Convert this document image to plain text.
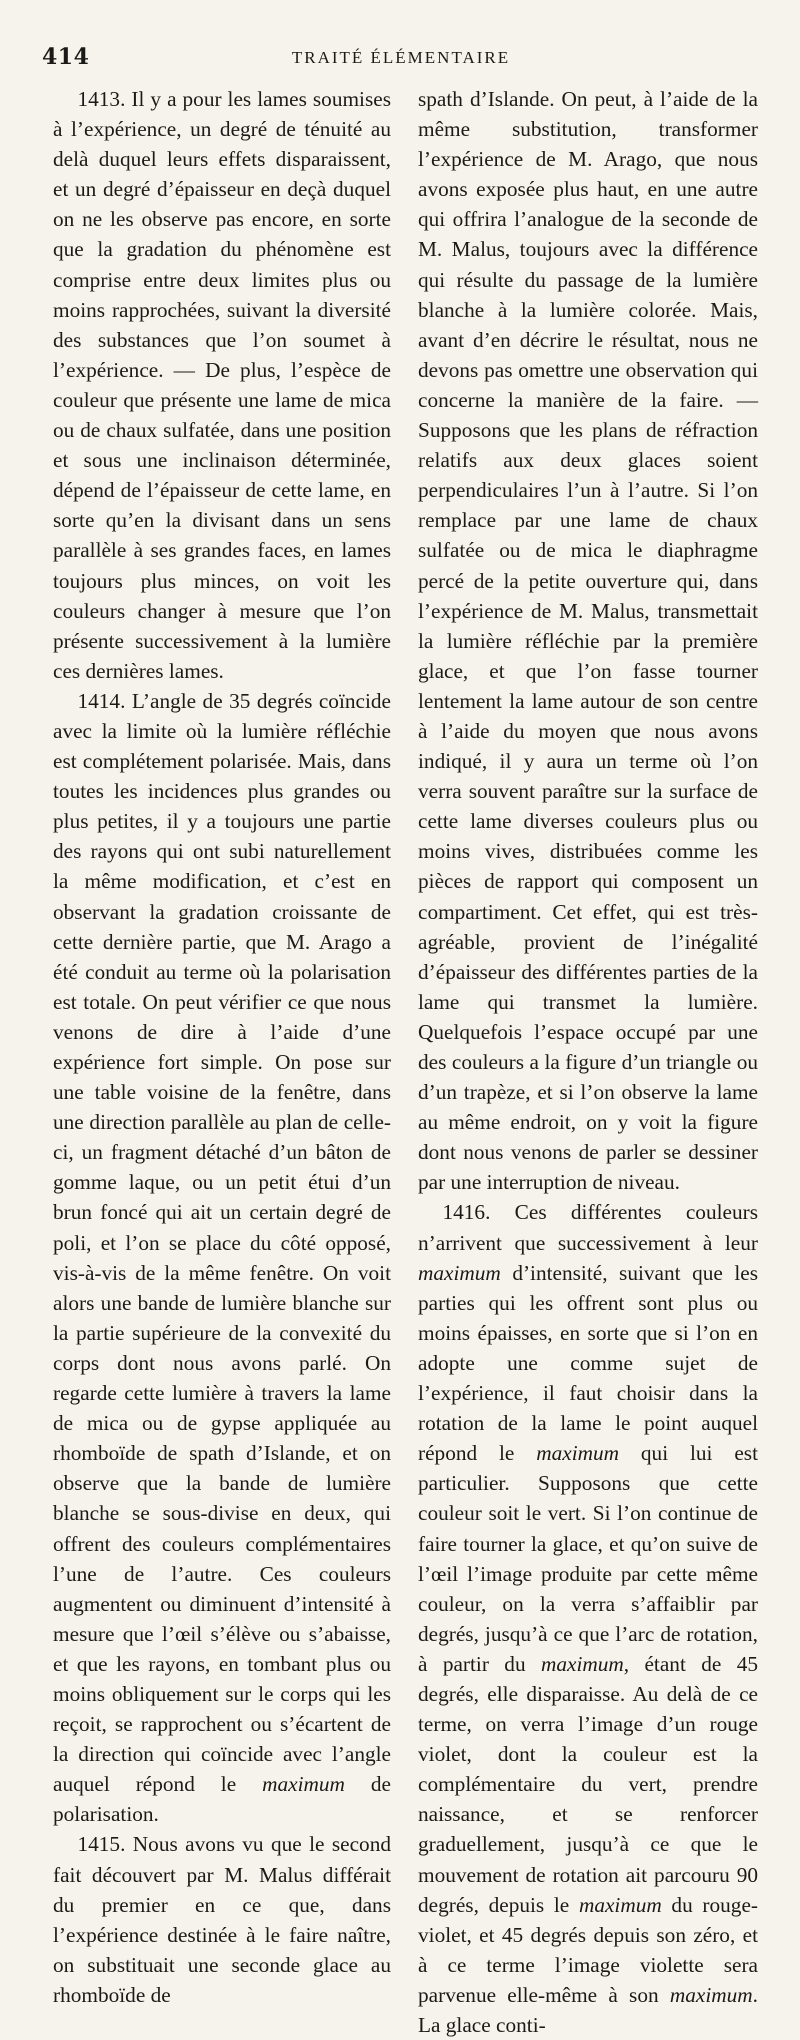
414	TRAITÉ ÉLÉMENTAIRE

1413. Il y a pour les lames soumises à l’expérience, un degré de ténuité au delà duquel leurs effets disparaissent, et un degré d’épaisseur en deçà duquel on ne les observe pas encore, en sorte que la gradation du phénomène est comprise entre deux limites plus ou moins rapprochées, suivant la diversité des substances que l’on soumet à l’expérience. — De plus, l’espèce de couleur que présente une lame de mica ou de chaux sulfatée, dans une position et sous une inclinaison déterminée, dépend de l’épaisseur de cette lame, en sorte qu’en la divisant dans un sens parallèle à ses grandes faces, en lames toujours plus minces, on voit les couleurs changer à mesure que l’on présente successivement à la lumière ces dernières lames.

1414. L’angle de 35 degrés coïncide avec la limite où la lumière réfléchie est complétement polarisée. Mais, dans toutes les incidences plus grandes ou plus petites, il y a toujours une partie des rayons qui ont subi naturellement la même modification, et c’est en observant la gradation croissante de cette dernière partie, que M. Arago a été conduit au terme où la polarisation est totale. On peut vérifier ce que nous venons de dire à l’aide d’une expérience fort simple. On pose sur une table voisine de la fenêtre, dans une direction parallèle au plan de celle-ci, un fragment détaché d’un bâton de gomme laque, ou un petit étui d’un brun foncé qui ait un certain degré de poli, et l’on se place du côté opposé, vis-à-vis de la même fenêtre. On voit alors une bande de lumière blanche sur la partie supérieure de la convexité du corps dont nous avons parlé. On regarde cette lumière à travers la lame de mica ou de gypse appliquée au rhomboïde de spath d’Islande, et on observe que la bande de lumière blanche se sous-divise en deux, qui offrent des couleurs complémentaires l’une de l’autre. Ces couleurs augmentent ou diminuent d’intensité à mesure que l’œil s’élève ou s’abaisse, et que les rayons, en tombant plus ou moins obliquement sur le corps qui les reçoit, se rapprochent ou s’écartent de la direction qui coïncide avec l’angle auquel répond le maximum de polarisation.

1415. Nous avons vu que le second fait découvert par M. Malus différait du premier en ce que, dans l’expérience destinée à le faire naître, on substituait une seconde glace au rhomboïde de

spath d’Islande. On peut, à l’aide de la même substitution, transformer l’expérience de M. Arago, que nous avons exposée plus haut, en une autre qui offrira l’analogue de la seconde de M. Malus, toujours avec la différence qui résulte du passage de la lumière blanche à la lumière colorée. Mais, avant d’en décrire le résultat, nous ne devons pas omettre une observation qui concerne la manière de la faire. — Supposons que les plans de réfraction relatifs aux deux glaces soient perpendiculaires l’un à l’autre. Si l’on remplace par une lame de chaux sulfatée ou de mica le diaphragme percé de la petite ouverture qui, dans l’expérience de M. Malus, transmettait la lumière réfléchie par la première glace, et que l’on fasse tourner lentement la lame autour de son centre à l’aide du moyen que nous avons indiqué, il y aura un terme où l’on verra souvent paraître sur la surface de cette lame diverses couleurs plus ou moins vives, distribuées comme les pièces de rapport qui composent un compartiment. Cet effet, qui est très-agréable, provient de l’inégalité d’épaisseur des différentes parties de la lame qui transmet la lumière. Quelquefois l’espace occupé par une des couleurs a la figure d’un triangle ou d’un trapèze, et si l’on observe la lame au même endroit, on y voit la figure dont nous venons de parler se dessiner par une interruption de niveau.

1416. Ces différentes couleurs n’arrivent que successivement à leur maximum d’intensité, suivant que les parties qui les offrent sont plus ou moins épaisses, en sorte que si l’on en adopte une comme sujet de l’expérience, il faut choisir dans la rotation de la lame le point auquel répond le maximum qui lui est particulier. Supposons que cette couleur soit le vert. Si l’on continue de faire tourner la glace, et qu’on suive de l’œil l’image produite par cette même couleur, on la verra s’affaiblir par degrés, jusqu’à ce que l’arc de rotation, à partir du maximum, étant de 45 degrés, elle disparaisse. Au delà de ce terme, on verra l’image d’un rouge violet, dont la couleur est la complémentaire du vert, prendre naissance, et se renforcer graduellement, jusqu’à ce que le mouvement de rotation ait parcouru 90 degrés, depuis le maximum du rouge-violet, et 45 degrés depuis son zéro, et à ce terme l’image violette sera parvenue elle-même à son maximum. La glace conti-
